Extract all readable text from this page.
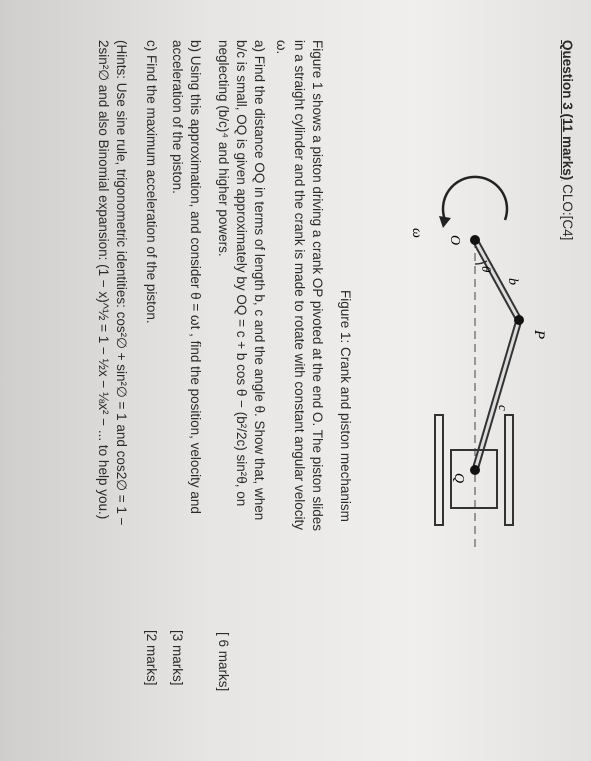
Question 3 (11 marks) CLO:[C4]
b
P
O
θ
ω
c
Q
Figure 1: Crank and piston mechanism
Figure 1 shows a piston driving a crank OP pivoted at the end O. The piston slides
in a straight cylinder and the crank is made to rotate with constant angular velocity
ω.
a) Find the distance OQ in terms of length b, c and the angle θ. Show that, when
b/c is small, OQ is given approximately by OQ = c + b cos θ − (b²/2c) sin²θ, on
neglecting (b/c)⁴ and higher powers.
[ 6 marks]
b) Using this approximation, and consider θ = ωt , find the position, velocity and
acceleration of the piston.
[3 marks]
c) Find the maximum acceleration of the piston.
[2 marks]
(Hints: Use sine rule, trigonometric identities: cos²∅ + sin²∅ = 1 and cos2∅ = 1 −
2sin²∅ and also Binomial expansion: (1 − x)^½ = 1 − ½x − ⅛x² − ... to help you.)
